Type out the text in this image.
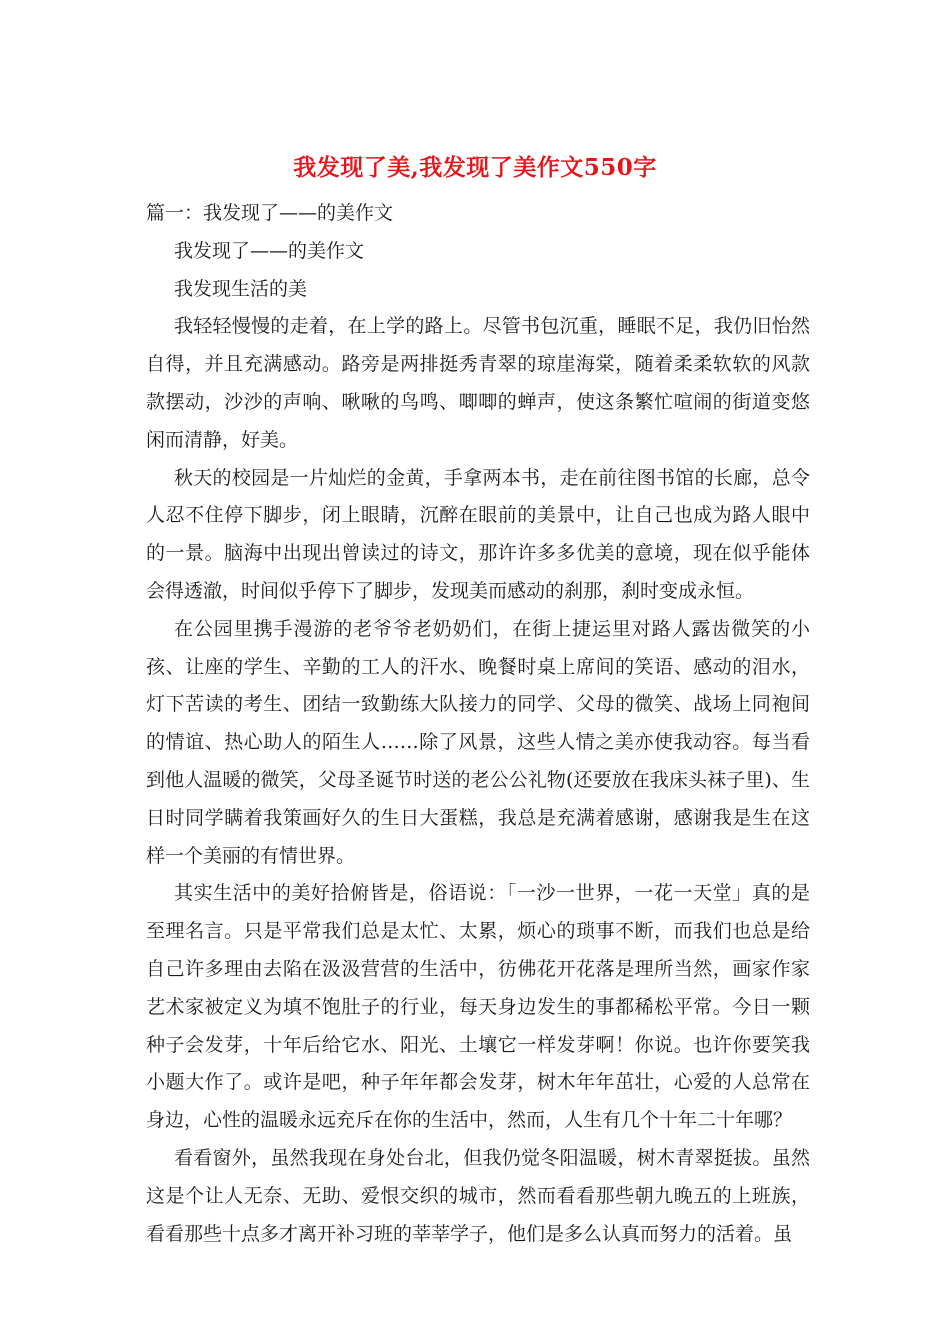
我发现了美,我发现了美作文550字

篇一：我发现了——的美作文

我发现了——的美作文

我发现生活的美

我轻轻慢慢的走着，在上学的路上。尽管书包沉重，睡眠不足，我仍旧怡然自得，并且充满感动。路旁是两排挺秀青翠的琼崖海棠，随着柔柔软软的风款款摆动，沙沙的声响、啾啾的鸟鸣、唧唧的蝉声，使这条繁忙喧闹的街道变悠闲而清静，好美。

秋天的校园是一片灿烂的金黄，手拿两本书，走在前往图书馆的长廊，总令人忍不住停下脚步，闭上眼睛，沉醉在眼前的美景中，让自己也成为路人眼中的一景。脑海中出现出曾读过的诗文，那许许多多优美的意境，现在似乎能体会得透澈，时间似乎停下了脚步，发现美而感动的刹那，刹时变成永恒。

在公园里携手漫游的老爷爷老奶奶们，在街上捷运里对路人露齿微笑的小孩、让座的学生、辛勤的工人的汗水、晚餐时桌上席间的笑语、感动的泪水，灯下苦读的考生、团结一致勤练大队接力的同学、父母的微笑、战场上同袍间的情谊、热心助人的陌生人……除了风景，这些人情之美亦使我动容。每当看到他人温暖的微笑，父母圣诞节时送的老公公礼物(还要放在我床头袜子里)、生日时同学瞒着我策画好久的生日大蛋糕，我总是充满着感谢，感谢我是生在这样一个美丽的有情世界。

其实生活中的美好拾俯皆是，俗语说：「一沙一世界，一花一天堂」真的是至理名言。只是平常我们总是太忙、太累，烦心的琐事不断，而我们也总是给自己许多理由去陷在汲汲营营的生活中，彷佛花开花落是理所当然，画家作家艺术家被定义为填不饱肚子的行业，每天身边发生的事都稀松平常。今日一颗种子会发芽，十年后给它水、阳光、土壤它一样发芽啊！你说。也许你要笑我小题大作了。或许是吧，种子年年都会发芽，树木年年茁壮，心爱的人总常在身边，心性的温暖永远充斥在你的生活中，然而，人生有几个十年二十年哪？

看看窗外，虽然我现在身处台北，但我仍觉冬阳温暖，树木青翠挺拔。虽然这是个让人无奈、无助、爱恨交织的城市，然而看看那些朝九晚五的上班族，看看那些十点多才离开补习班的莘莘学子，他们是多么认真而努力的活着。虽
